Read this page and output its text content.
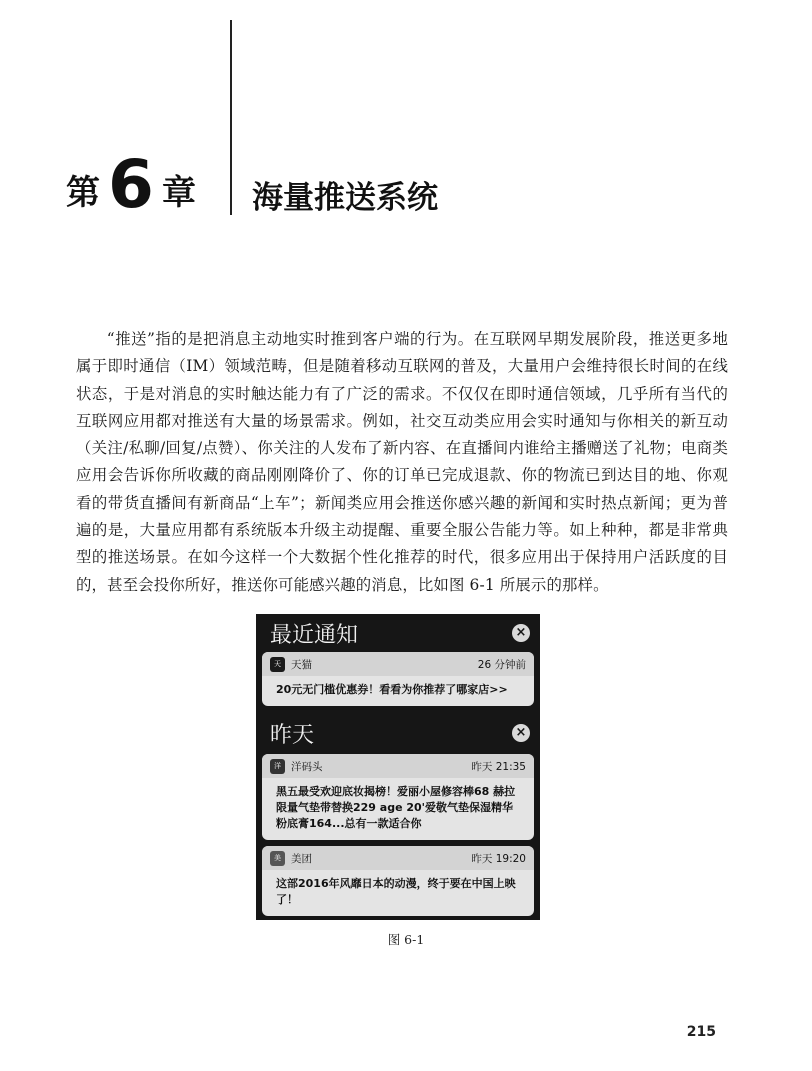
第 6 章 海量推送系统

“推送”指的是把消息主动地实时推到客户端的行为。在互联网早期发展阶段，推送更多地属于即时通信（IM）领域范畴，但是随着移动互联网的普及，大量用户会维持很长时间的在线状态，于是对消息的实时触达能力有了广泛的需求。不仅仅在即时通信领域，几乎所有当代的互联网应用都对推送有大量的场景需求。例如，社交互动类应用会实时通知与你相关的新互动（关注/私聊/回复/点赞）、你关注的人发布了新内容、在直播间内谁给主播赠送了礼物；电商类应用会告诉你所收藏的商品刚刚降价了、你的订单已完成退款、你的物流已到达目的地、你观看的带货直播间有新商品“上车”；新闻类应用会推送你感兴趣的新闻和实时热点新闻；更为普遍的是，大量应用都有系统版本升级主动提醒、重要全服公告能力等。如上种种，都是非常典型的推送场景。在如今这样一个大数据个性化推荐的时代，很多应用出于保持用户活跃度的目的，甚至会投你所好，推送你可能感兴趣的消息，比如图 6-1 所展示的那样。

最近通知	×
天 天猫	26 分钟前
20元无门槛优惠券！看看为你推荐了哪家店>>
昨天	×
洋 洋码头	昨天 21:35
黑五最受欢迎底妆揭榜！爱丽小屋修容棒68 赫拉限量气垫带替换229 age 20'爱敬气垫保湿精华粉底膏164...总有一款适合你
美 美团	昨天 19:20
这部2016年风靡日本的动漫，终于要在中国上映了！
图 6-1
215
